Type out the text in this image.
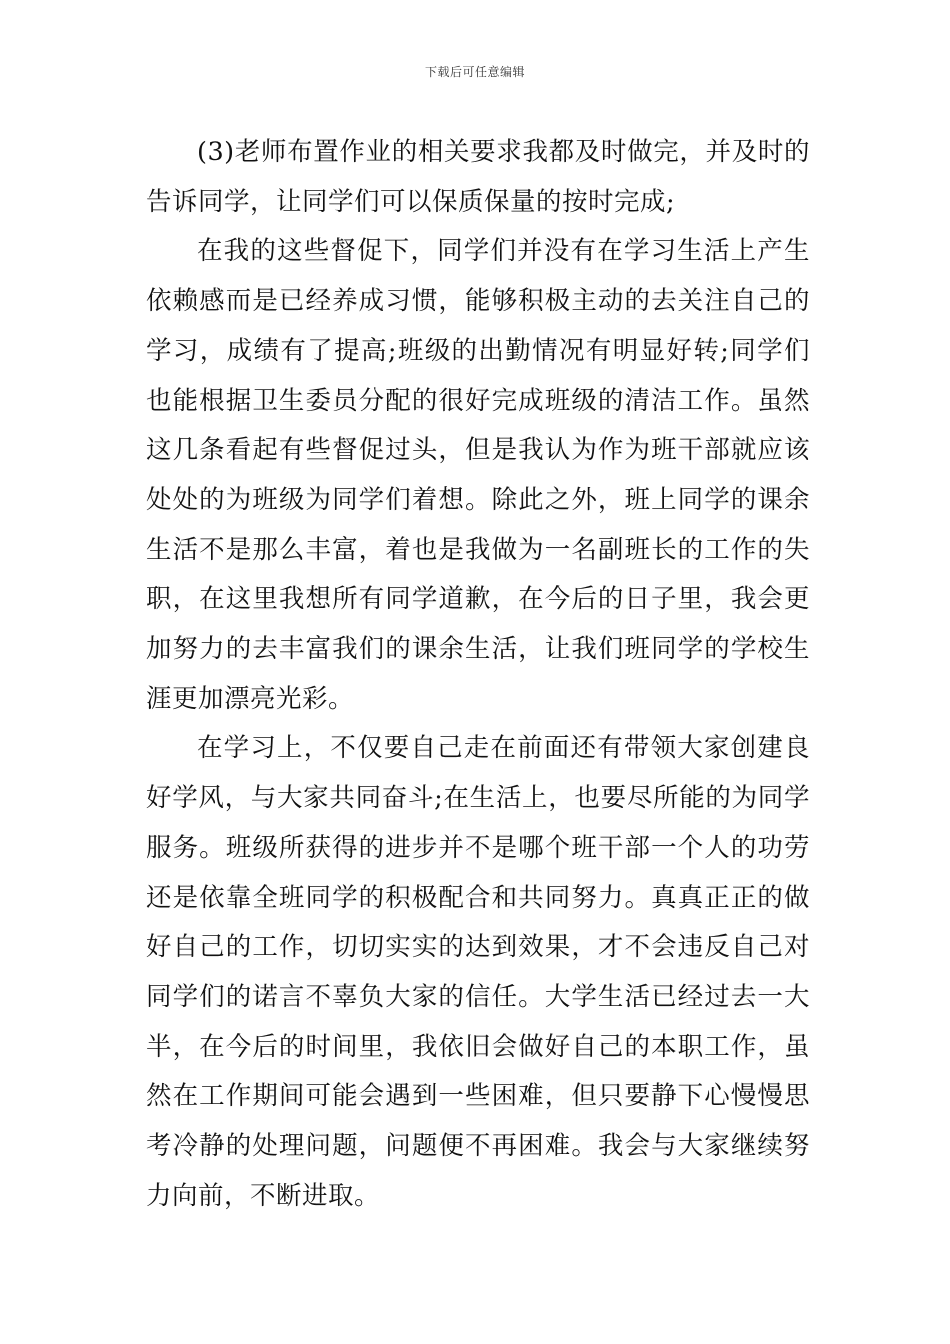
下载后可任意编辑

(3)老师布置作业的相关要求我都及时做完，并及时的告诉同学，让同学们可以保质保量的按时完成;

在我的这些督促下，同学们并没有在学习生活上产生依赖感而是已经养成习惯，能够积极主动的去关注自己的学习，成绩有了提高;班级的出勤情况有明显好转;同学们也能根据卫生委员分配的很好完成班级的清洁工作。虽然这几条看起有些督促过头，但是我认为作为班干部就应该处处的为班级为同学们着想。除此之外，班上同学的课余生活不是那么丰富，着也是我做为一名副班长的工作的失职，在这里我想所有同学道歉，在今后的日子里，我会更加努力的去丰富我们的课余生活，让我们班同学的学校生涯更加漂亮光彩。

在学习上，不仅要自己走在前面还有带领大家创建良好学风，与大家共同奋斗;在生活上，也要尽所能的为同学服务。班级所获得的进步并不是哪个班干部一个人的功劳还是依靠全班同学的积极配合和共同努力。真真正正的做好自己的工作，切切实实的达到效果，才不会违反自己对同学们的诺言不辜负大家的信任。大学生活已经过去一大半，在今后的时间里，我依旧会做好自己的本职工作，虽然在工作期间可能会遇到一些困难，但只要静下心慢慢思考冷静的处理问题，问题便不再困难。我会与大家继续努力向前，不断进取。
